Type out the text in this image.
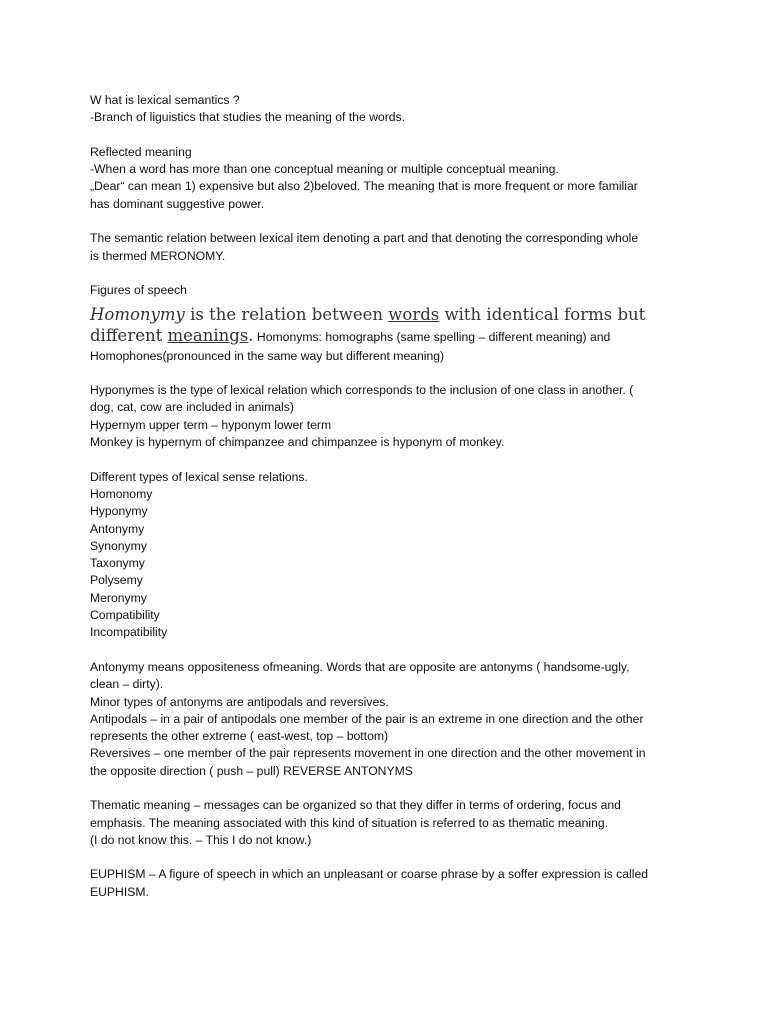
W hat is lexical semantics ?

-Branch of liguistics that studies the meaning of the words.

Reflected meaning

-When a word has more than one conceptual meaning or multiple conceptual meaning.

„Dear“ can mean 1) expensive but also 2)beloved. The meaning that is more frequent or more familiar

has dominant suggestive power.

The semantic relation between lexical item denoting a part and that denoting the corresponding whole

is thermed MERONOMY.

Figures of speech

Homonymy is the relation between words with identical forms but

different meanings. Homonyms: homographs (same spelling – different meaning) and

Homophones(pronounced in the same way but different meaning)

Hyponymes is the type of lexical relation which corresponds to the inclusion of one class in another. (

dog, cat, cow are included in animals)

Hypernym upper term – hyponym lower term

Monkey is hypernym of chimpanzee and chimpanzee is hyponym of monkey.

Different types of lexical sense relations.

Homonomy

Hyponymy

Antonymy

Synonymy

Taxonymy

Polysemy

Meronymy

Compatibility

Incompatibility

Antonymy means oppositeness ofmeaning. Words that are opposite are antonyms ( handsome-ugly,

clean – dirty).

Minor types of antonyms are antipodals and reversives.

Antipodals – in a pair of antipodals one member of the pair is an extreme in one direction and the other

represents the other extreme ( east-west, top – bottom)

Reversives – one member of the pair represents movement in one direction and the other movement in

the opposite direction ( push – pull) REVERSE ANTONYMS

Thematic meaning – messages can be organized so that they differ in terms of ordering, focus and

emphasis. The meaning associated with this kind of situation is referred to as thematic meaning.

(I do not know this. – This I do not know.)

EUPHISM – A figure of speech in which an unpleasant or coarse phrase by a soffer expression is called

EUPHISM.
